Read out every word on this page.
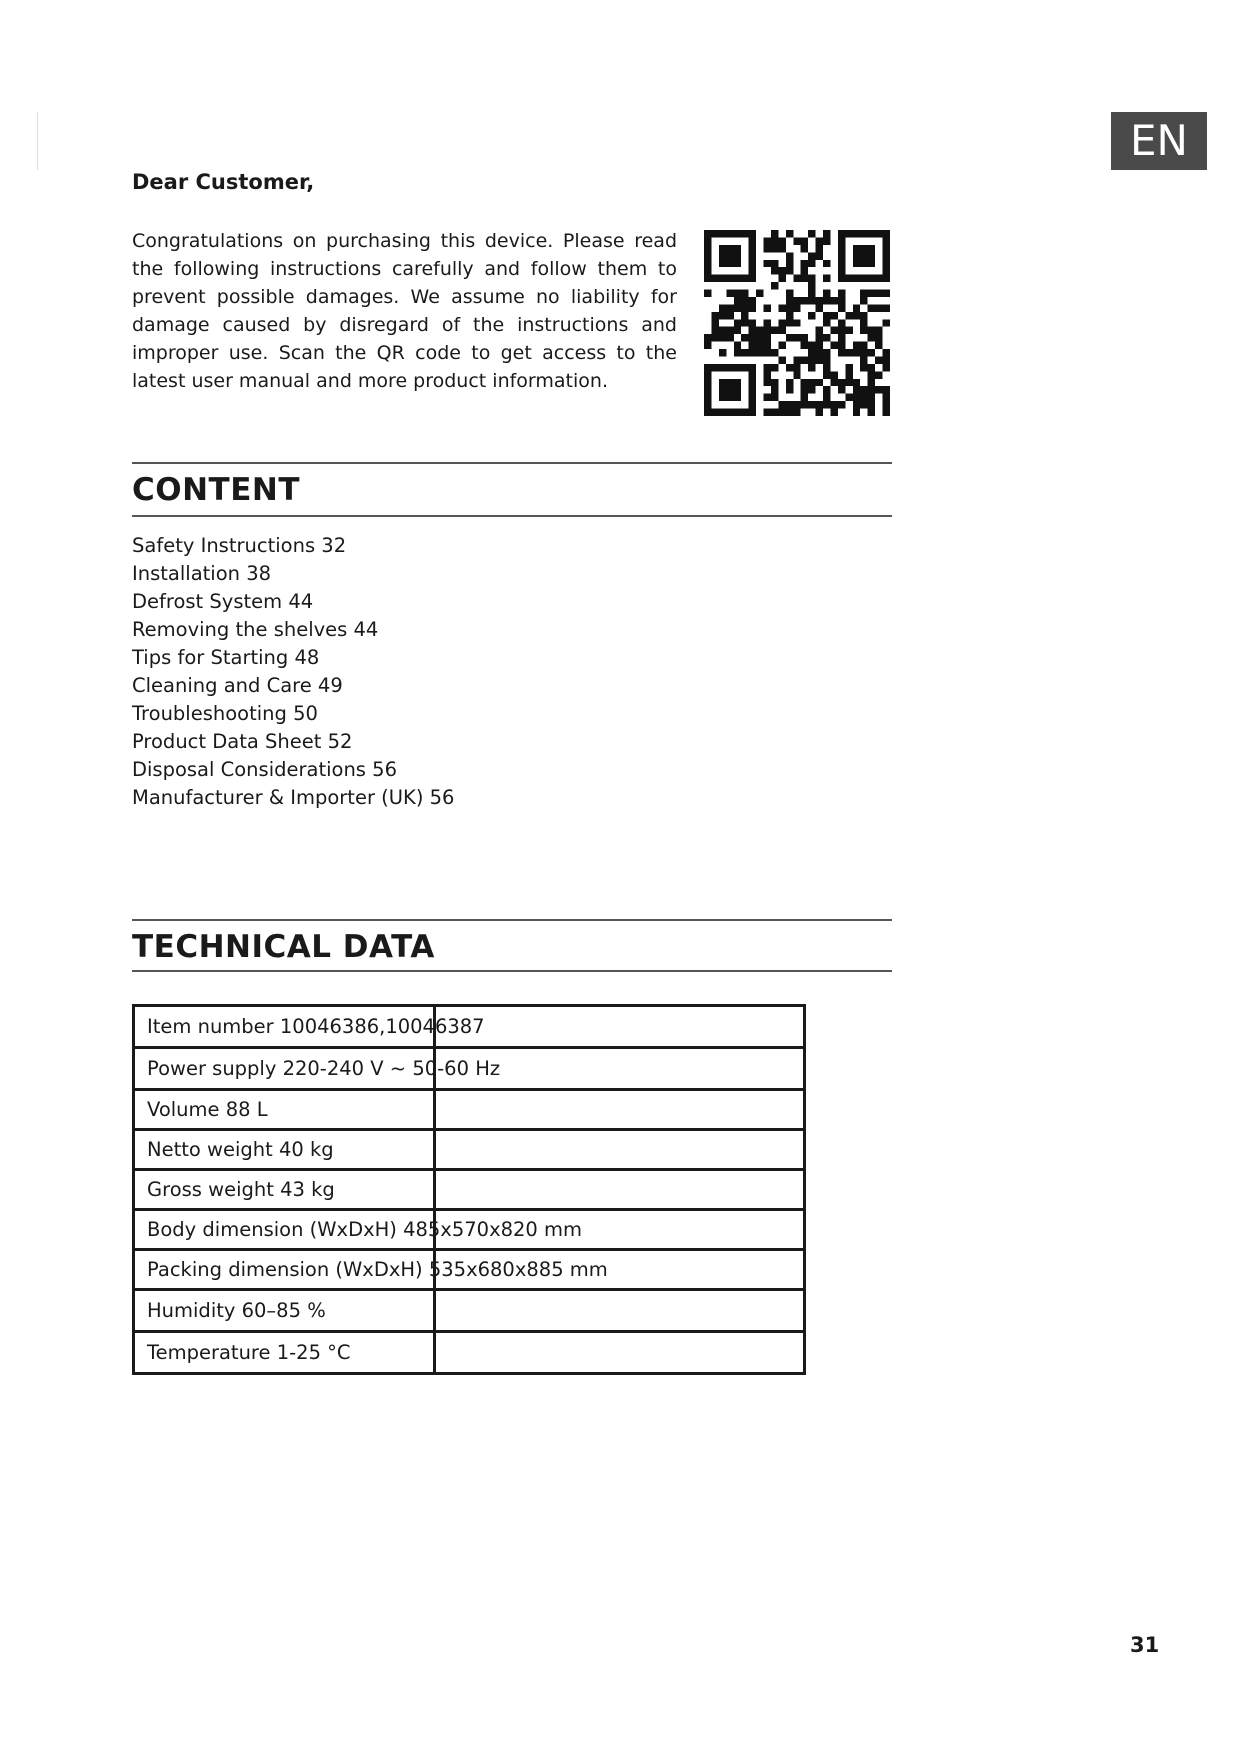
EN
Dear Customer,

Congratulations on purchasing this device. Please read the following instructions carefully and follow them to prevent possible damages. We assume no liability for damage caused by disregard of the instructions and improper use. Scan the QR code to get access to the latest user manual and more product information.

CONTENT
Safety Instructions 32
Installation 38
Defrost System 44
Removing the shelves 44
Tips for Starting 48
Cleaning and Care 49
Troubleshooting 50
Product Data Sheet 52
Disposal Considerations 56
Manufacturer & Importer (UK) 56
TECHNICAL DATA
Item number 10046386,10046387	
Power supply 220-240 V ~ 50-60 Hz	
Volume 88 L	
Netto weight 40 kg	
Gross weight 43 kg	
Body dimension (WxDxH) 485x570x820 mm	
Packing dimension (WxDxH) 535x680x885 mm	
Humidity 60–85 %	
Temperature 1-25 °C	
31
